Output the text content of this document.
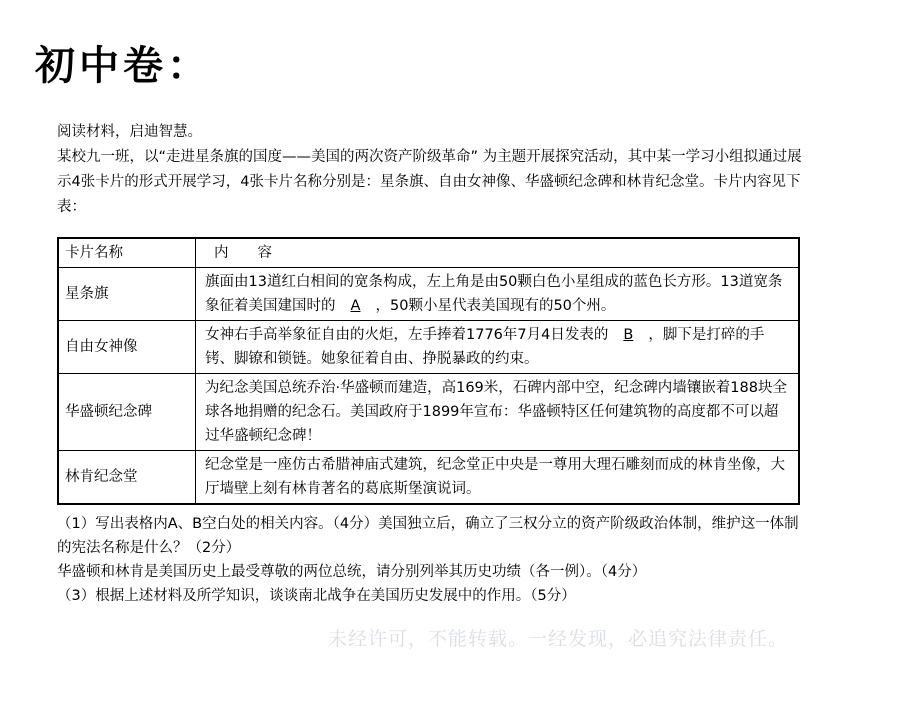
初中卷：

阅读材料，启迪智慧。

某校九一班，以“走进星条旗的国度——美国的两次资产阶级革命” 为主题开展探究活动，其中某一学习小组拟通过展示4张卡片的形式开展学习，4张卡片名称分别是：星条旗、自由女神像、华盛顿纪念碑和林肯纪念堂。卡片内容见下表：

卡片名称	内　　容
星条旗	旗面由13道红白相间的宽条构成，左上角是由50颗白色小星组成的蓝色长方形。13道宽条象征着美国建国时的 A ，50颗小星代表美国现有的50个州。
自由女神像	女神右手高举象征自由的火炬，左手捧着1776年7月4日发表的 B ，脚下是打碎的手铐、脚镣和锁链。她象征着自由、挣脱暴政的约束。
华盛顿纪念碑	为纪念美国总统乔治·华盛顿而建造，高169米，石碑内部中空，纪念碑内墙镶嵌着188块全球各地捐赠的纪念石。美国政府于1899年宣布：华盛顿特区任何建筑物的高度都不可以超过华盛顿纪念碑！
林肯纪念堂	纪念堂是一座仿古希腊神庙式建筑，纪念堂正中央是一尊用大理石雕刻而成的林肯坐像，大厅墙壁上刻有林肯著名的葛底斯堡演说词。

（1）写出表格内A、B空白处的相关内容。（4分）美国独立后，确立了三权分立的资产阶级政治体制，维护这一体制的宪法名称是什么？（2分）

华盛顿和林肯是美国历史上最受尊敬的两位总统，请分别列举其历史功绩（各一例）。（4分）

（3）根据上述材料及所学知识，谈谈南北战争在美国历史发展中的作用。（5分）

未经许可，不能转载。一经发现，必追究法律责任。
